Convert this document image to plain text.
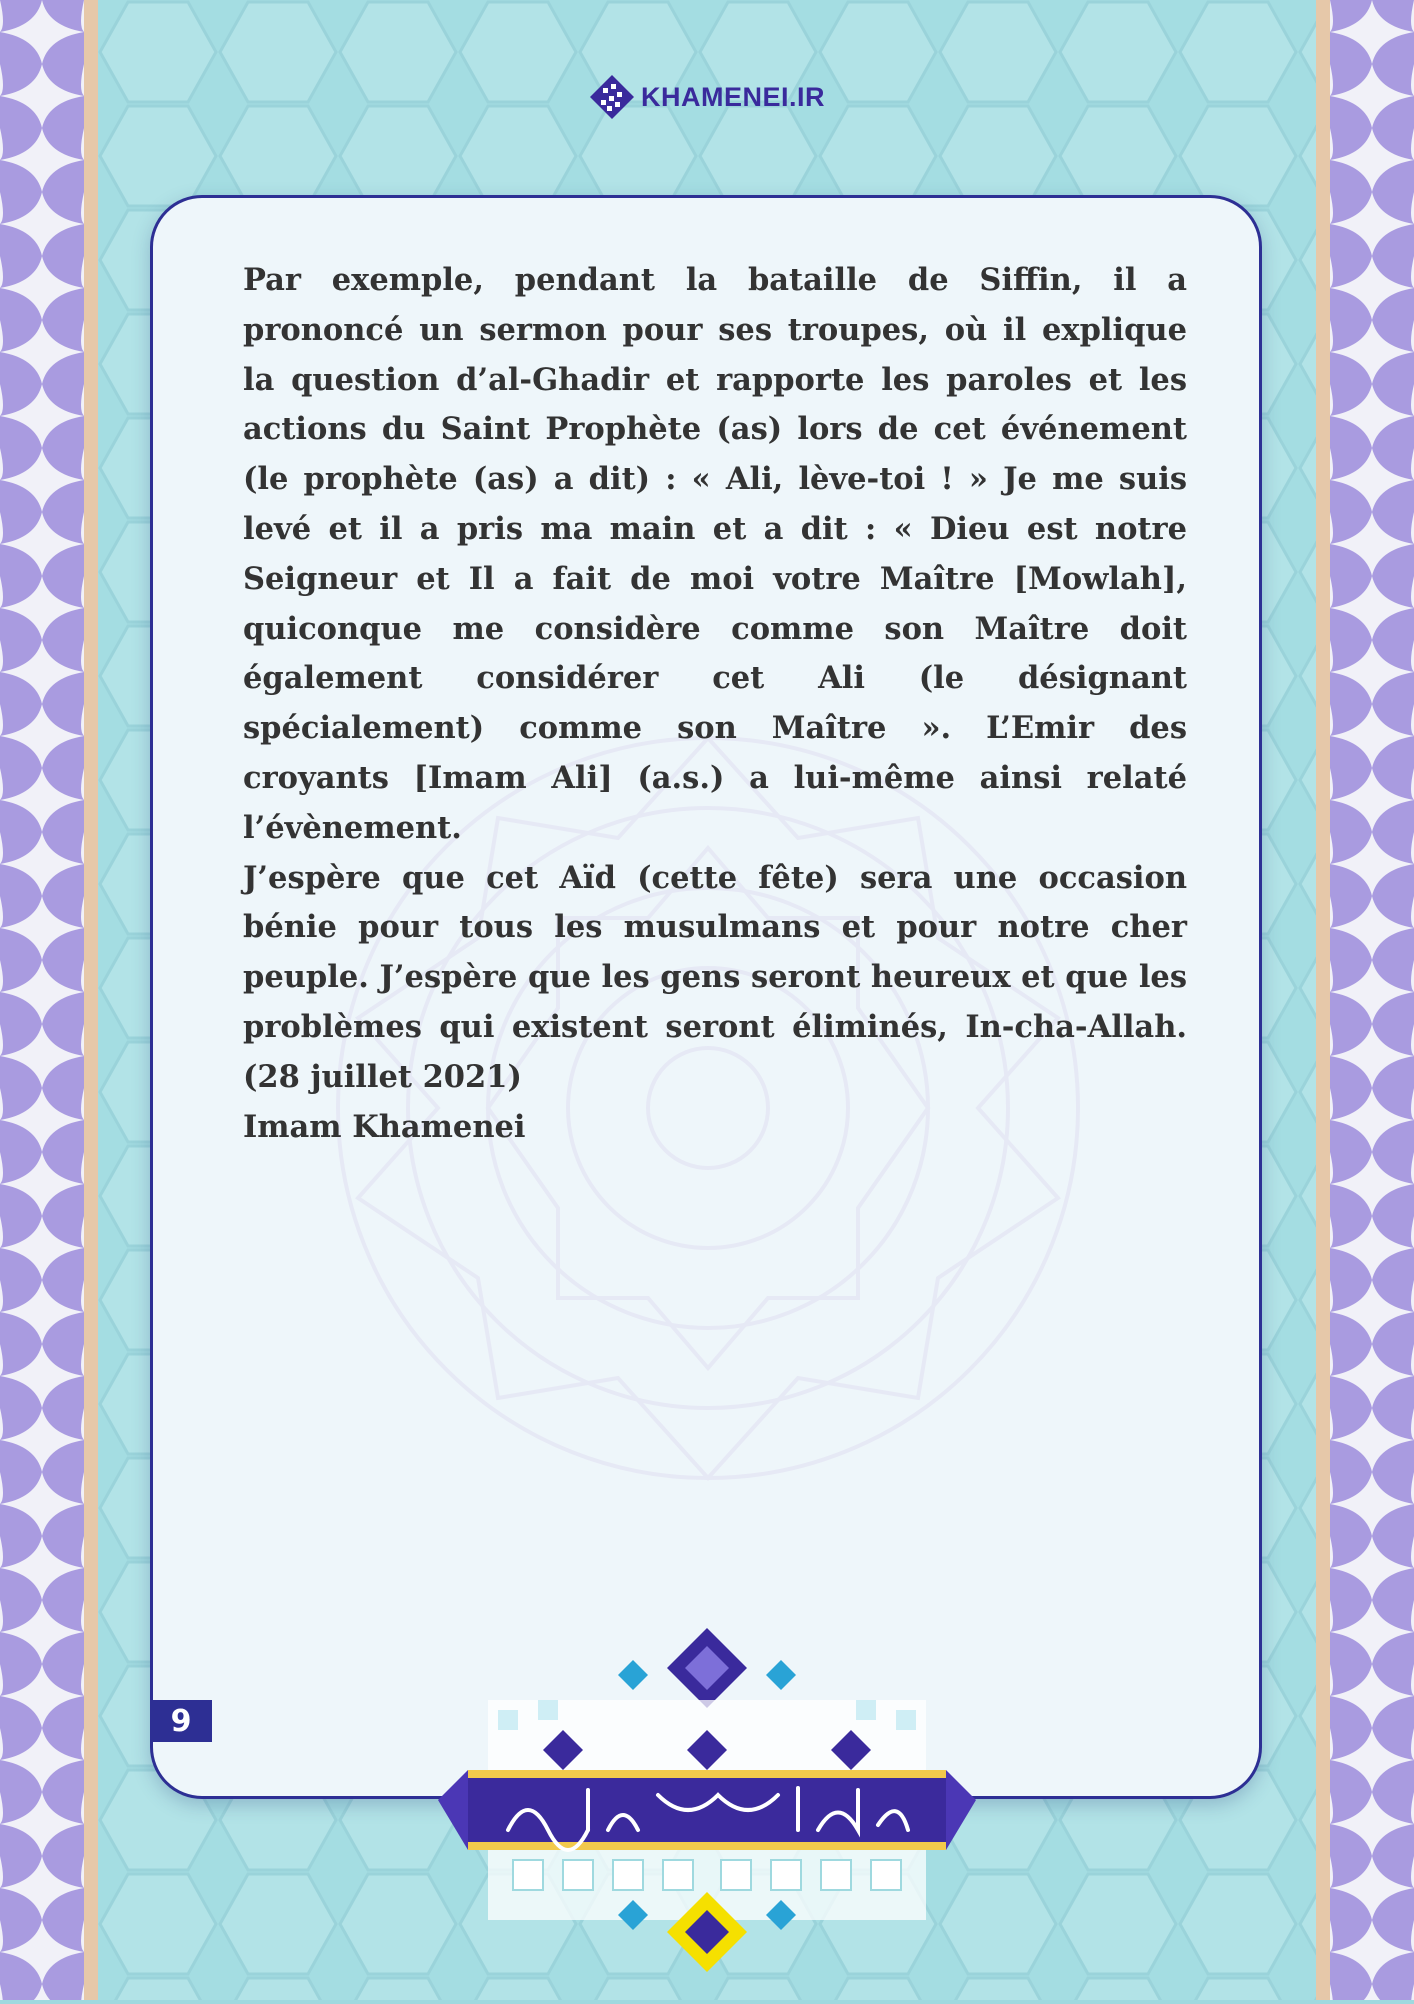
KHAMENEI.IR

Par exemple, pendant la bataille de Siffin, il a prononcé un sermon pour ses troupes, où il explique la question d’al-Ghadir et rapporte les paroles et les actions du Saint Prophète (as) lors de cet événement (le prophète (as) a dit) : « Ali, lève-toi ! » Je me suis levé et il a pris ma main et a dit : « Dieu est notre Seigneur et Il a fait de moi votre Maître [Mowlah], quiconque me considère comme son Maître doit également considérer cet Ali (le désignant spécialement) comme son Maître ». L’Emir des croyants [Imam Ali] (a.s.) a lui-même ainsi relaté l’évènement.

J’espère que cet Aïd (cette fête) sera une occasion bénie pour tous les musulmans et pour notre cher peuple. J’espère que les gens seront heureux et que les problèmes qui existent seront éliminés, In-cha-Allah. (28 juillet 2021)

Imam Khamenei

9
